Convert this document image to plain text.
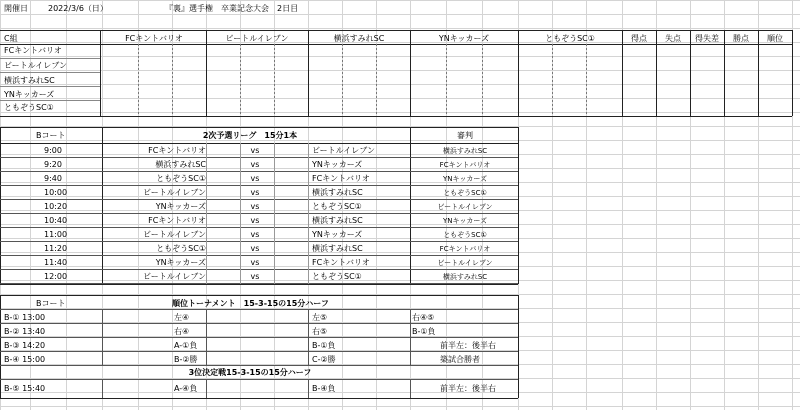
開催日	2022/3/6（日）	『裏』選手権　卒業記念大会　2日目
C組	FCキントバリオ	ビートルイレブン	横浜すみれSC	YNキッカーズ	ともぞうSC①	得点	失点	得失差	勝点	順位
FCキントバリオ
ビートルイレブン
横浜すみれSC
YNキッカーズ
ともぞうSC①
Bコート	2次予選リーグ　15分1本	審判
9:00	FCキントバリオ	vs	ビートルイレブン	横浜すみれSC
9:20	横浜すみれSC	vs	YNキッカーズ	FCキントバリオ
9:40	ともぞうSC①	vs	FCキントバリオ	YNキッカーズ
10:00	ビートルイレブン	vs	横浜すみれSC	ともぞうSC①
10:20	YNキッカーズ	vs	ともぞうSC①	ビートルイレブン
10:40	FCキントバリオ	vs	横浜すみれSC	YNキッカーズ
11:00	ビートルイレブン	vs	YNキッカーズ	ともぞうSC①
11:20	ともぞうSC①	vs	横浜すみれSC	FCキントバリオ
11:40	YNキッカーズ	vs	FCキントバリオ	ビートルイレブン
12:00	ビートルイレブン	vs	ともぞうSC①	横浜すみれSC
Bコート	順位トーナメント　15-3-15の15分ハーフ
B-① 13:00	左④	左⑤	右④⑤
B-② 13:40	右④	右⑤	B-①負
B-③ 14:20	A-①負	B-①負	前半左：後半右
B-④ 15:00	B-②勝	C-②勝	築試合勝者
3位決定戦15-3-15の15分ハーフ
B-⑤ 15:40	A-④負	B-④負	前半左：後半右
